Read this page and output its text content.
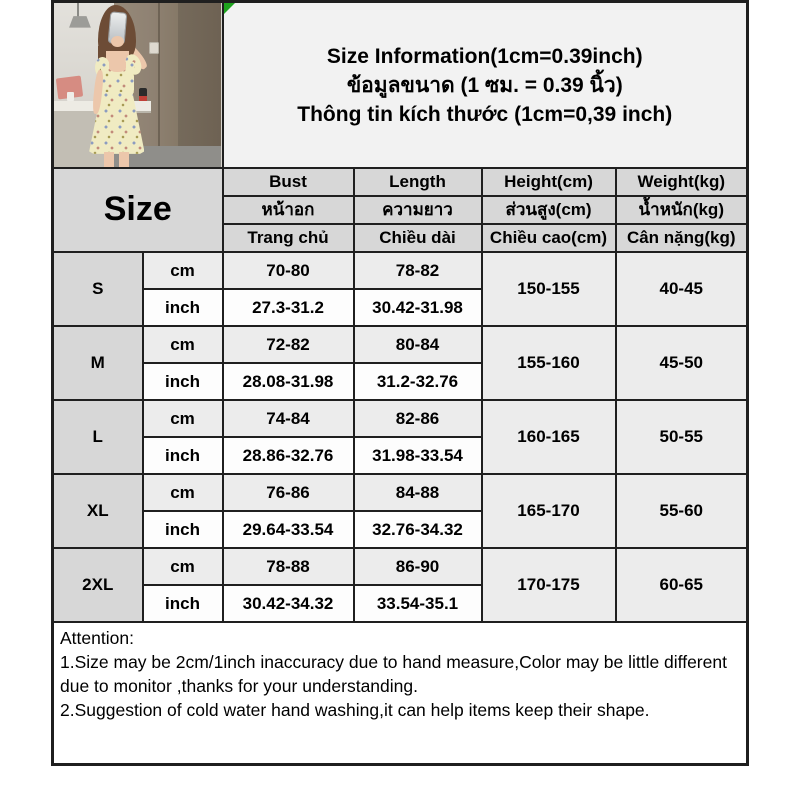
		Size Information(1cm=0.39inch)
ข้อมูลขนาด (1 ซม. = 0.39 นิ้ว)
Thông tin kích thước (1cm=0,39 inch)			

Size		Bust	Length	Height(cm)	Weight(kg)
		หน้าอก	ความยาว	ส่วนสูง(cm)	น้ำหนัก(kg)
		Trang chủ	Chiều dài	Chiều cao(cm)	Cân nặng(kg)
S	cm	70-80	78-82	150-155	40-45
	inch	27.3-31.2	30.42-31.98		
M	cm	72-82	80-84	155-160	45-50
	inch	28.08-31.98	31.2-32.76		
L	cm	74-84	82-86	160-165	50-55
	inch	28.86-32.76	31.98-33.54		
XL	cm	76-86	84-88	165-170	55-60
	inch	29.64-33.54	32.76-34.32		
2XL	cm	78-88	86-90	170-175	60-65
	inch	30.42-34.32	33.54-35.1		

Attention:
1.Size may be 2cm/1inch inaccuracy due to hand measure,Color may be little different due to monitor ,thanks for your understanding.
2.Suggestion of cold water hand washing,it can help items keep their shape.					
